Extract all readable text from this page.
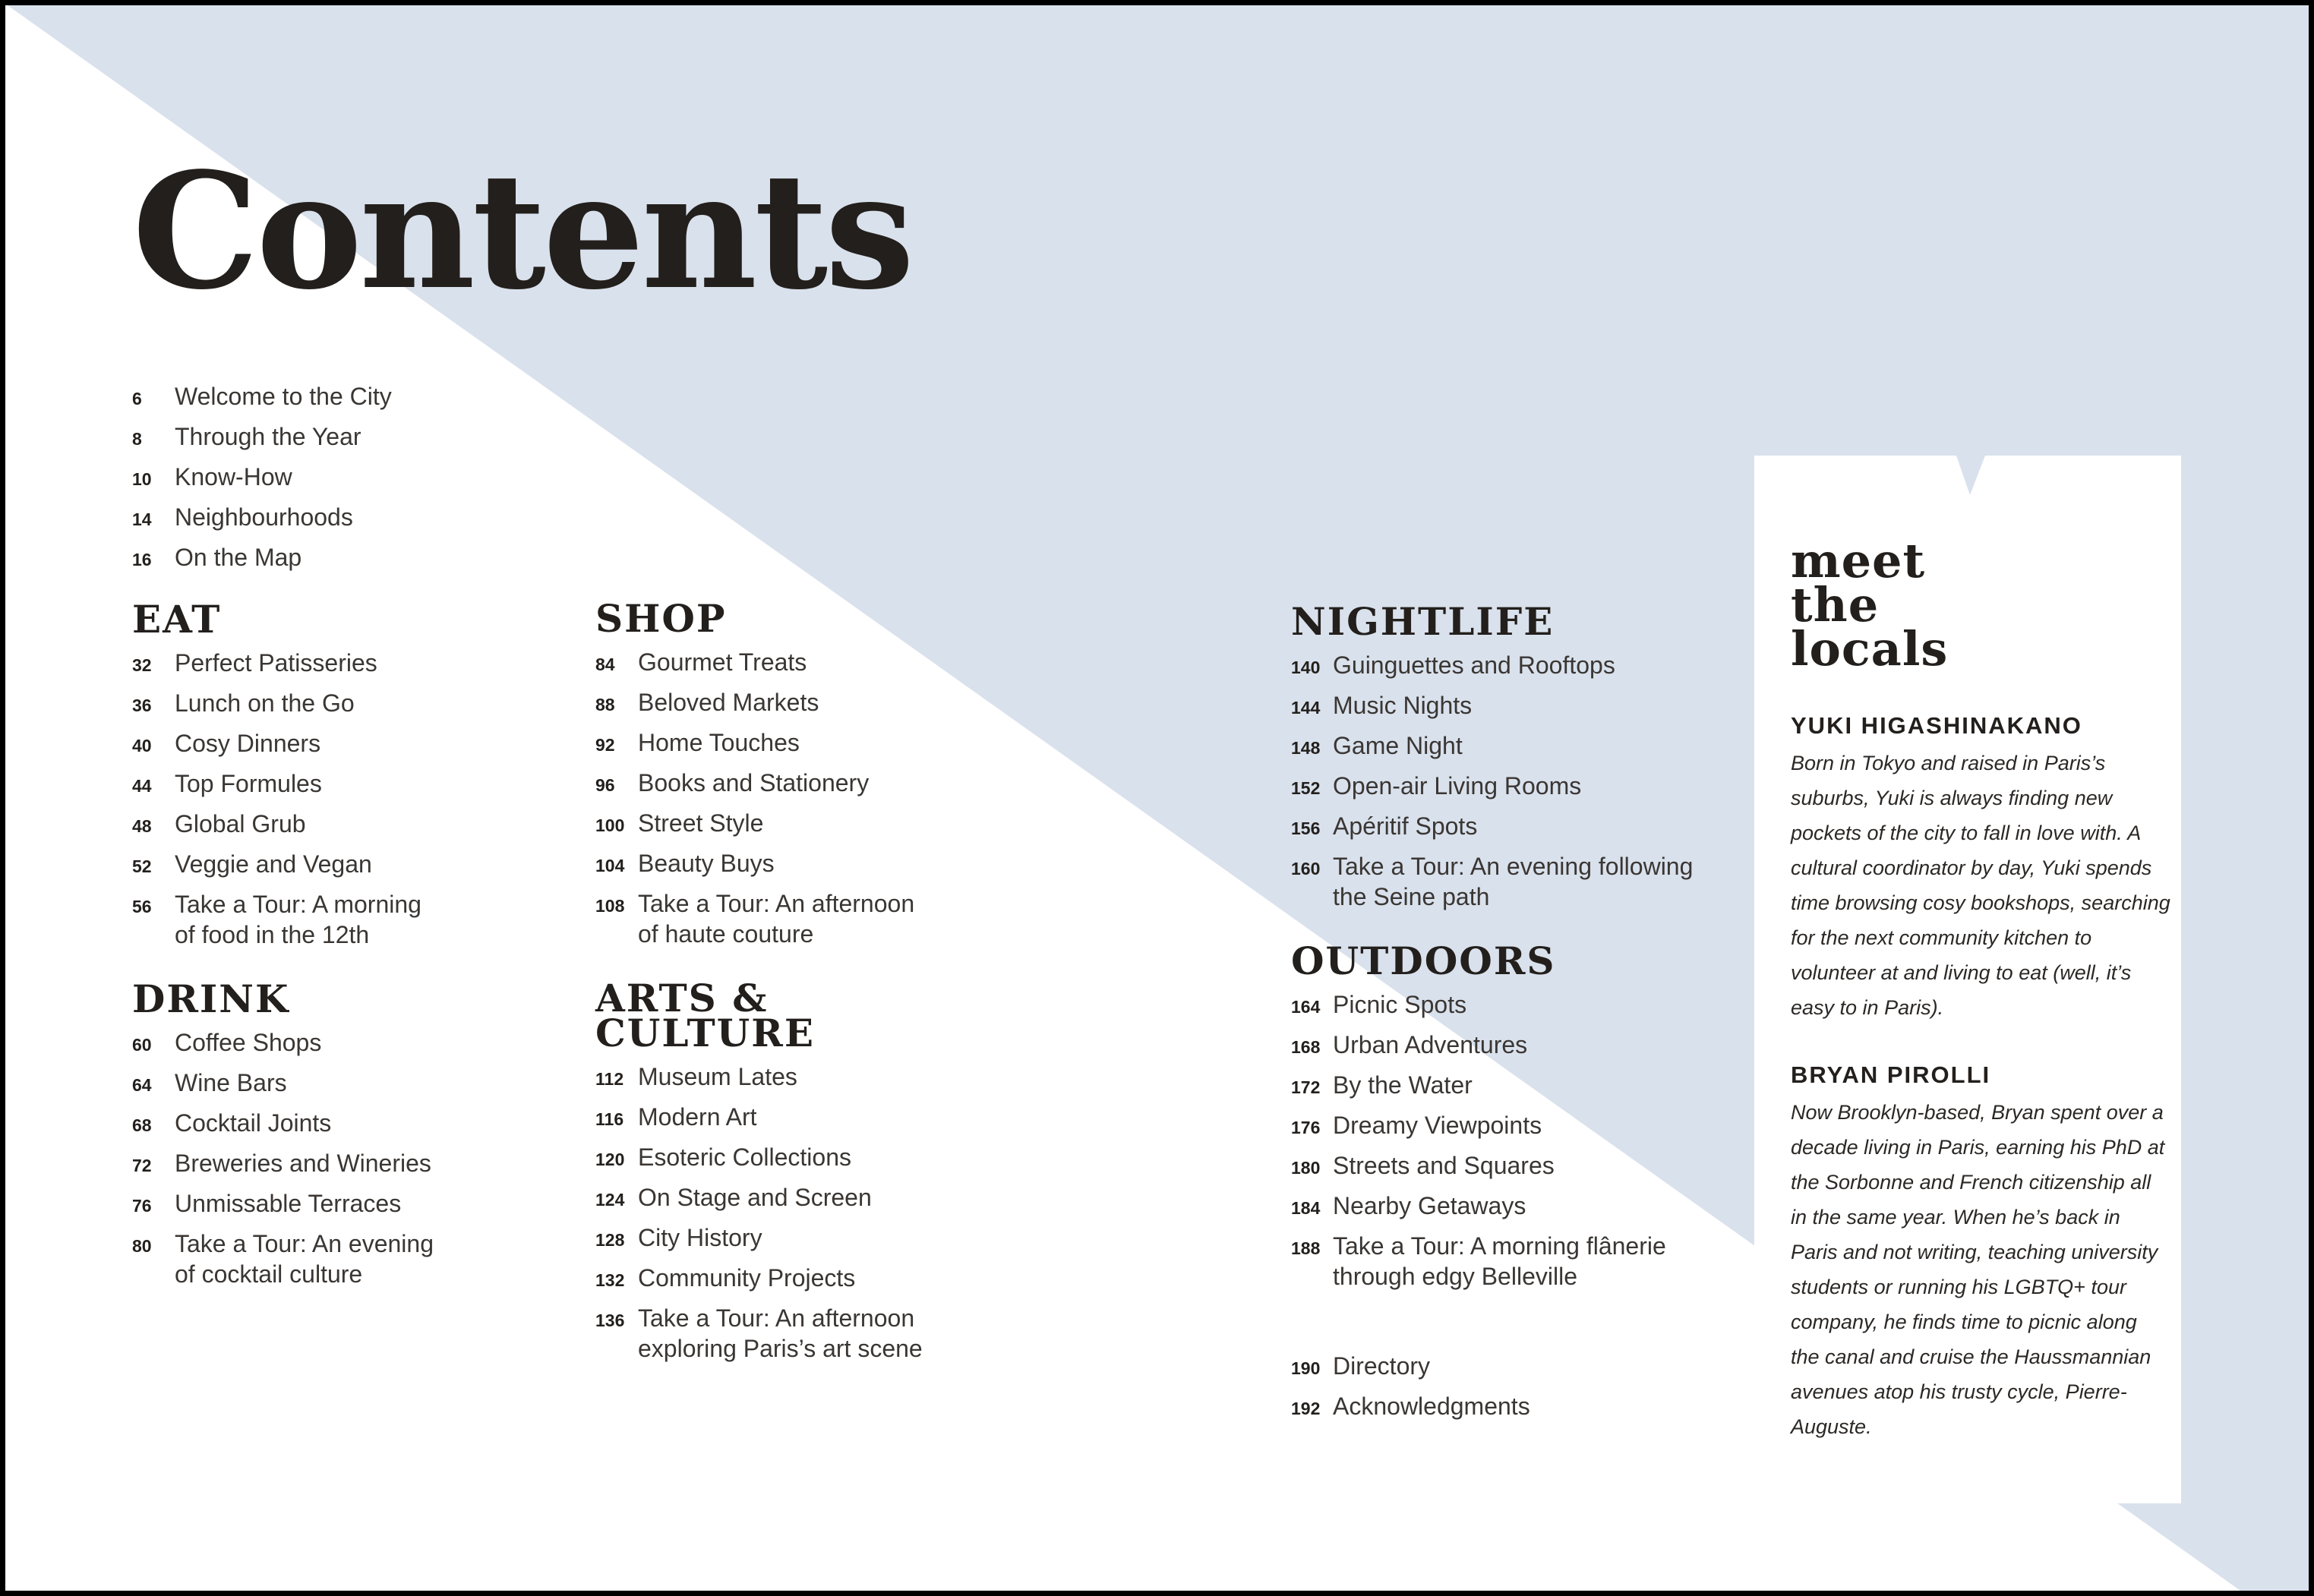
Contents
6	Welcome to the City
8	Through the Year
10 Know-How
14 Neighbourhoods
16 On the Map
EAT
32 Perfect Patisseries
36 Lunch on the Go
40 Cosy Dinners
44 Top Formules
48 Global Grub
52 Veggie and Vegan
56 Take a Tour: A morning of food in the 12th
DRINK
60 Coffee Shops
64 Wine Bars
68 Cocktail Joints
72 Breweries and Wineries
76 Unmissable Terraces
80 Take a Tour: An evening of cocktail culture
SHOP
84 Gourmet Treats
88 Beloved Markets
92 Home Touches
96 Books and Stationery
100 Street Style
104 Beauty Buys
108 Take a Tour: An afternoon of haute couture
ARTS &
CULTURE
112 Museum Lates
116 Modern Art
120 Esoteric Collections
124 On Stage and Screen
128 City History
132 Community Projects
136 Take a Tour: An afternoon exploring Paris’s art scene
NIGHTLIFE
140 Guinguettes and Rooftops
144 Music Nights
148 Game Night
152 Open-air Living Rooms
156 Apéritif Spots
160 Take a Tour: An evening following the Seine path
OUTDOORS
164 Picnic Spots
168 Urban Adventures
172 By the Water
176 Dreamy Viewpoints
180 Streets and Squares
184 Nearby Getaways
188 Take a Tour: A morning flânerie through edgy Belleville
190 Directory
192 Acknowledgments
meet
the
locals
YUKI HIGASHINAKANO
Born in Tokyo and raised in Paris’s suburbs, Yuki is always finding new pockets of the city to fall in love with. A cultural coordinator by day, Yuki spends time browsing cosy bookshops, searching for the next community kitchen to volunteer at and living to eat (well, it’s easy to in Paris).
BRYAN PIROLLI
Now Brooklyn-based, Bryan spent over a decade living in Paris, earning his PhD at the Sorbonne and French citizenship all in the same year. When he’s back in Paris and not writing, teaching university students or running his LGBTQ+ tour company, he finds time to picnic along the canal and cruise the Haussmannian avenues atop his trusty cycle, Pierre-Auguste.
